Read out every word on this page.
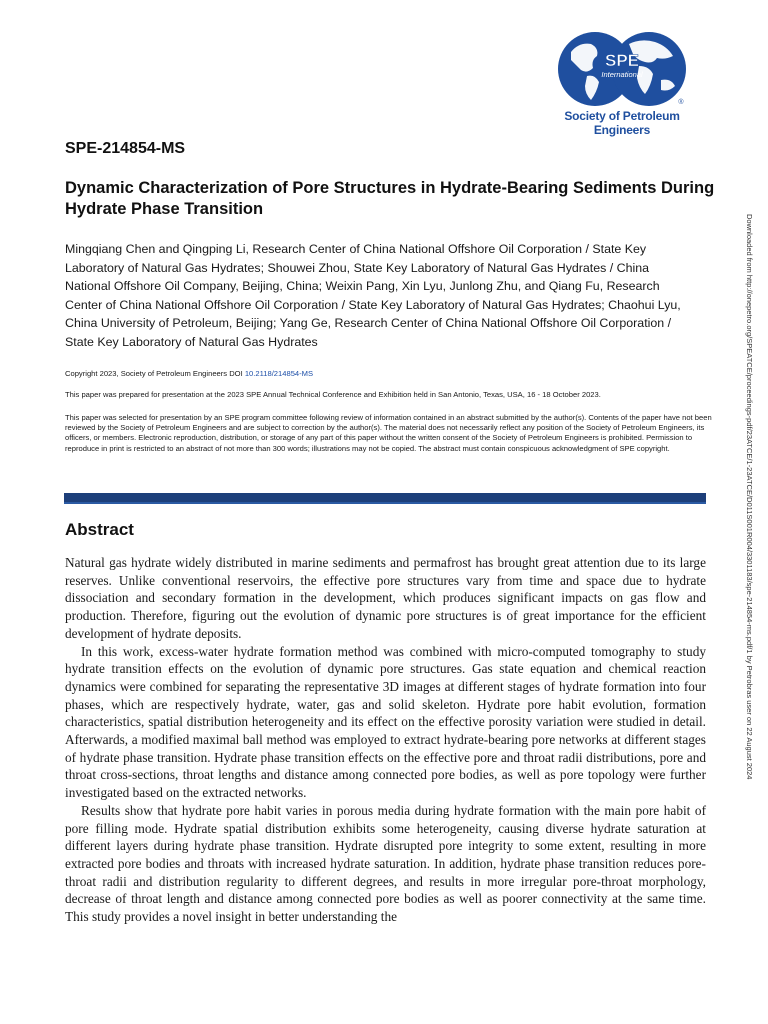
SPE
International
®
Society of Petroleum Engineers
SPE-214854-MS
Dynamic Characterization of Pore Structures in Hydrate-Bearing Sediments During Hydrate Phase Transition
Mingqiang Chen and Qingping Li, Research Center of China National Offshore Oil Corporation / State Key Laboratory of Natural Gas Hydrates; Shouwei Zhou, State Key Laboratory of Natural Gas Hydrates / China National Offshore Oil Company, Beijing, China; Weixin Pang, Xin Lyu, Junlong Zhu, and Qiang Fu, Research Center of China National Offshore Oil Corporation / State Key Laboratory of Natural Gas Hydrates; Chaohui Lyu, China University of Petroleum, Beijing; Yang Ge, Research Center of China National Offshore Oil Corporation / State Key Laboratory of Natural Gas Hydrates
Copyright 2023, Society of Petroleum Engineers DOI 10.2118/214854-MS
This paper was prepared for presentation at the 2023 SPE Annual Technical Conference and Exhibition held in San Antonio, Texas, USA, 16 - 18 October 2023.
This paper was selected for presentation by an SPE program committee following review of information contained in an abstract submitted by the author(s). Contents of the paper have not been reviewed by the Society of Petroleum Engineers and are subject to correction by the author(s). The material does not necessarily reflect any position of the Society of Petroleum Engineers, its officers, or members. Electronic reproduction, distribution, or storage of any part of this paper without the written consent of the Society of Petroleum Engineers is prohibited. Permission to reproduce in print is restricted to an abstract of not more than 300 words; illustrations may not be copied. The abstract must contain conspicuous acknowledgment of SPE copyright.
Abstract

Natural gas hydrate widely distributed in marine sediments and permafrost has brought great attention due to its large reserves. Unlike conventional reservoirs, the effective pore structures vary from time and space due to hydrate dissociation and secondary formation in the development, which produces significant impacts on gas flow and production. Therefore, figuring out the evolution of dynamic pore structures is of great importance for the efficient development of hydrate deposits.

In this work, excess-water hydrate formation method was combined with micro-computed tomography to study hydrate transition effects on the evolution of dynamic pore structures. Gas state equation and chemical reaction dynamics were combined for separating the representative 3D images at different stages of hydrate formation into four phases, which are respectively hydrate, water, gas and solid skeleton. Hydrate pore habit evolution, formation characteristics, spatial distribution heterogeneity and its effect on the effective porosity variation were studied in detail. Afterwards, a modified maximal ball method was employed to extract hydrate-bearing pore networks at different stages of hydrate phase transition. Hydrate phase transition effects on the effective pore and throat radii distributions, pore and throat cross-sections, throat lengths and distance among connected pore bodies, as well as pore topology were further investigated based on the extracted networks.

Results show that hydrate pore habit varies in porous media during hydrate formation with the main pore habit of pore filling mode. Hydrate spatial distribution exhibits some heterogeneity, causing diverse hydrate saturation at different layers during hydrate phase transition. Hydrate disrupted pore integrity to some extent, resulting in more extracted pore bodies and throats with increased hydrate saturation. In addition, hydrate phase transition reduces pore-throat radii and distribution regularity to different degrees, and results in more irregular pore-throat morphology, decrease of throat length and distance among connected pore bodies as well as poorer connectivity at the same time. This study provides a novel insight in better understanding the

Downloaded from http://onepetro.org/SPEATCE/proceedings-pdf/23ATCE/1-23ATCE/D011S001R004/3301183/spe-214854-ms.pdf/1 by Petrobras user on 22 August 2024
